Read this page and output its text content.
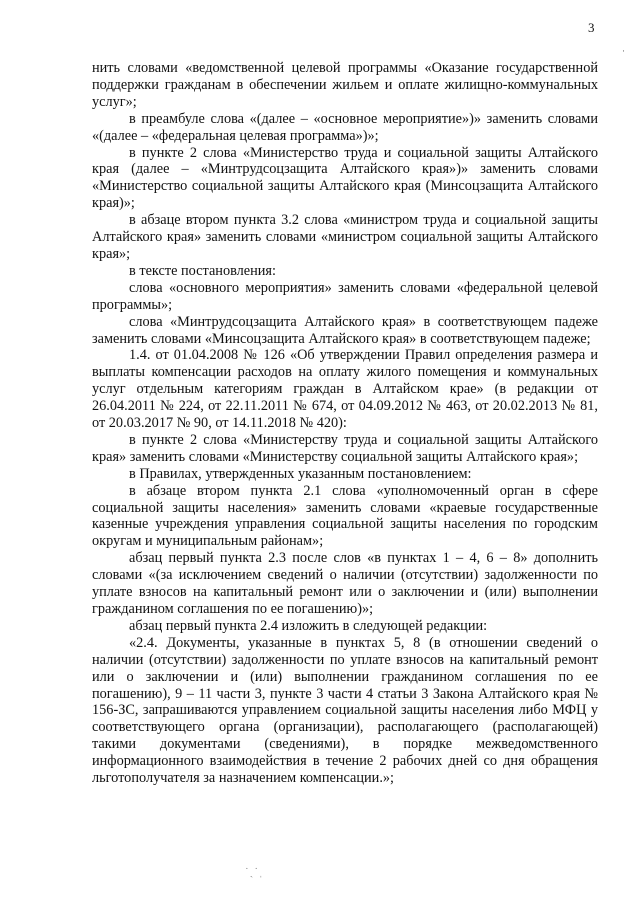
3
·

нить словами «ведомственной целевой программы «Оказание государственной поддержки гражданам в обеспечении жильем и оплате жилищно-коммунальных услуг»;

в преамбуле слова «(далее – «основное мероприятие»)» заменить словами «(далее – «федеральная целевая программа»)»;

в пункте 2 слова «Министерство труда и социальной защиты Алтайского края (далее – «Минтрудсоцзащита Алтайского края»)» заменить словами «Министерство социальной защиты Алтайского края (Минсоцзащита Алтайского края)»;

в абзаце втором пункта 3.2 слова «министром труда и социальной защиты Алтайского края» заменить словами «министром социальной защиты Алтайского края»;

в тексте постановления:

слова «основного мероприятия» заменить словами «федеральной целевой программы»;

слова «Минтрудсоцзащита Алтайского края» в соответствующем падеже заменить словами «Минсоцзащита Алтайского края» в соответствующем падеже;

1.4. от 01.04.2008 № 126 «Об утверждении Правил определения размера и выплаты компенсации расходов на оплату жилого помещения и коммунальных услуг отдельным категориям граждан в Алтайском крае» (в редакции от 26.04.2011 № 224, от 22.11.2011 № 674, от 04.09.2012 № 463, от 20.02.2013 № 81, от 20.03.2017 № 90, от 14.11.2018 № 420):

в пункте 2 слова «Министерству труда и социальной защиты Алтайского края» заменить словами «Министерству социальной защиты Алтайского края»;

в Правилах, утвержденных указанным постановлением:

в абзаце втором пункта 2.1 слова «уполномоченный орган в сфере социальной защиты населения» заменить словами «краевые государственные казенные учреждения управления социальной защиты населения по городским округам и муниципальным районам»;

абзац первый пункта 2.3 после слов «в пунктах 1 – 4, 6 – 8» дополнить словами «(за исключением сведений о наличии (отсутствии) задолженности по уплате взносов на капитальный ремонт или о заключении и (или) выполнении гражданином соглашения по ее погашению)»;

абзац первый пункта 2.4 изложить в следующей редакции:

«2.4. Документы, указанные в пунктах 5, 8 (в отношении сведений о наличии (отсутствии) задолженности по уплате взносов на капитальный ремонт или о заключении и (или) выполнении гражданином соглашения по ее погашению), 9 – 11 части 3, пункте 3 части 4 статьи 3 Закона Алтайского края № 156-ЗС, запрашиваются управлением социальной защиты населения либо МФЦ у соответствующего органа (организации), располагающего (располагающей) такими документами (сведениями), в порядке межведомственного информационного взаимодействия в течение 2 рабочих дней со дня обращения льготополучателя за назначением компенсации.»;

˙ˎ˙ˌ
